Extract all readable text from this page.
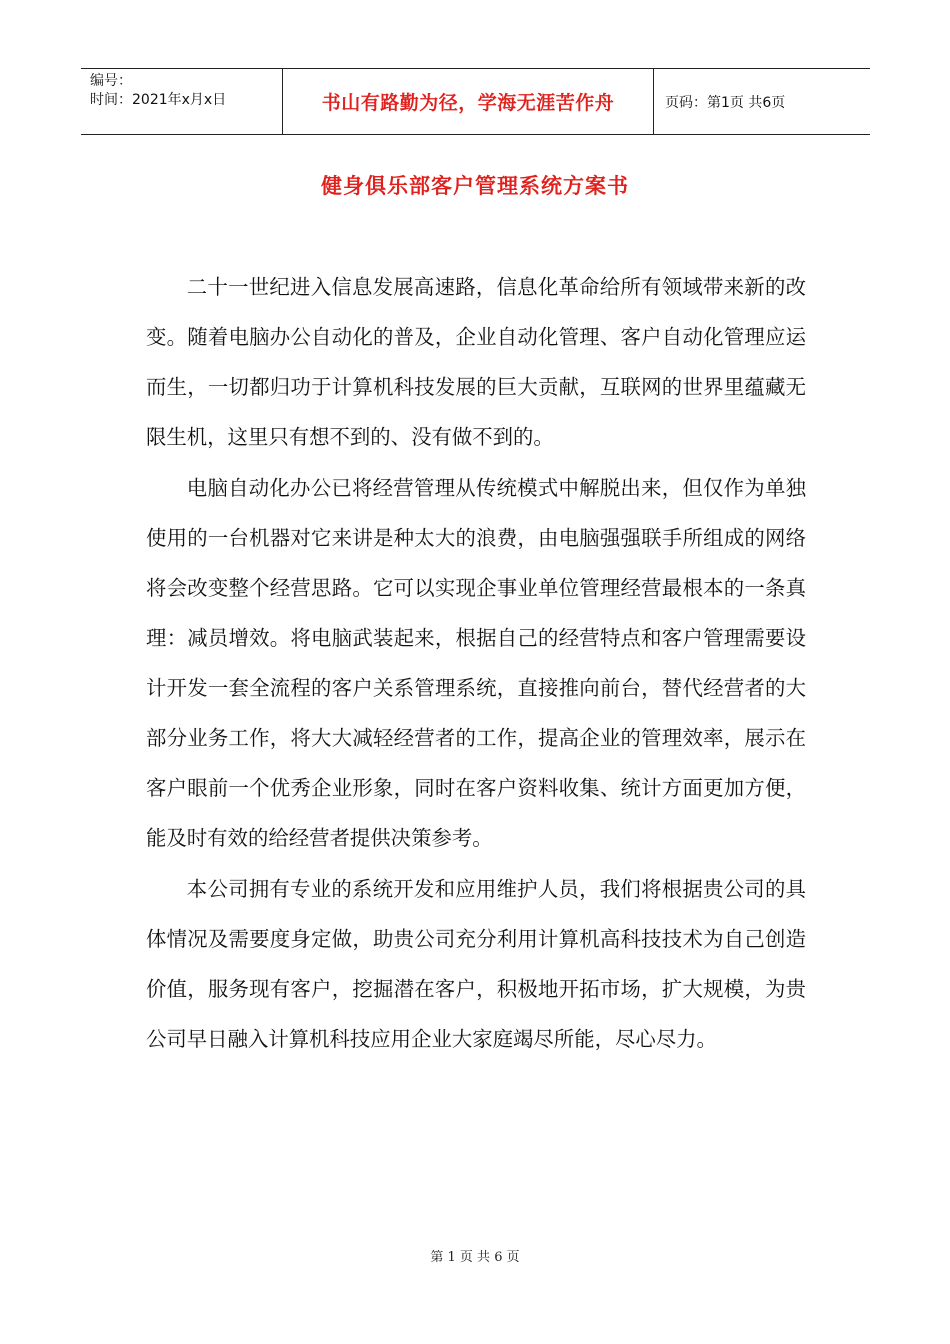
编号：
时间：2021年x月x日	书山有路勤为径，学海无涯苦作舟	页码：第1页 共6页
健身俱乐部客户管理系统方案书

二十一世纪进入信息发展高速路，信息化革命给所有领域带来新的改变。随着电脑办公自动化的普及，企业自动化管理、客户自动化管理应运而生，一切都归功于计算机科技发展的巨大贡献，互联网的世界里蕴藏无限生机，这里只有想不到的、没有做不到的。

电脑自动化办公已将经营管理从传统模式中解脱出来，但仅作为单独使用的一台机器对它来讲是种太大的浪费，由电脑强强联手所组成的网络将会改变整个经营思路。它可以实现企事业单位管理经营最根本的一条真理：减员增效。将电脑武装起来，根据自己的经营特点和客户管理需要设计开发一套全流程的客户关系管理系统，直接推向前台，替代经营者的大部分业务工作，将大大减轻经营者的工作，提高企业的管理效率，展示在客户眼前一个优秀企业形象，同时在客户资料收集、统计方面更加方便，能及时有效的给经营者提供决策参考。

本公司拥有专业的系统开发和应用维护人员，我们将根据贵公司的具体情况及需要度身定做，助贵公司充分利用计算机高科技技术为自己创造价值，服务现有客户，挖掘潜在客户，积极地开拓市场，扩大规模，为贵公司早日融入计算机科技应用企业大家庭竭尽所能，尽心尽力。

第 1 页 共 6 页
